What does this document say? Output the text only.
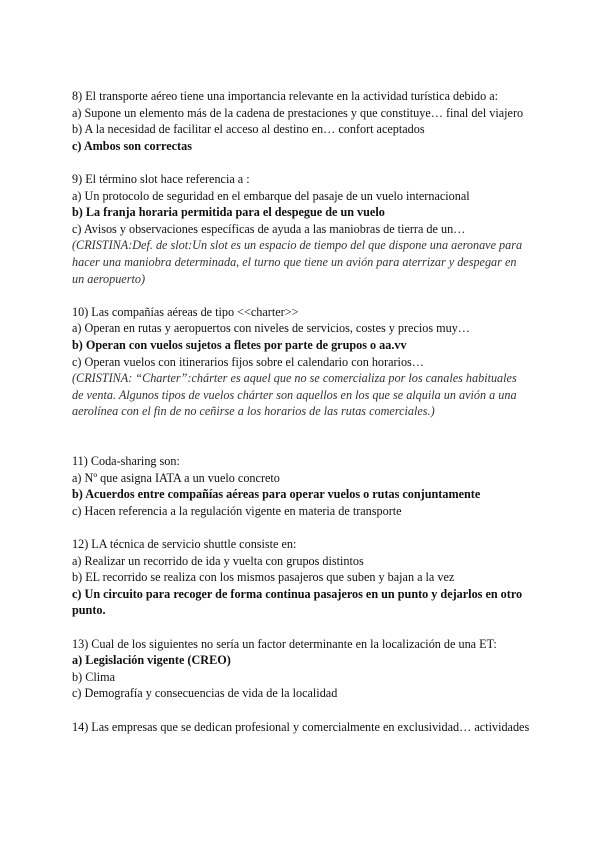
8) El transporte aéreo tiene una importancia relevante en la actividad turística debido a:
a) Supone un elemento más de la cadena de prestaciones y que constituye… final del viajero
b) A la necesidad de facilitar el acceso al destino en… confort aceptados
c) Ambos son correctas
9) El término slot hace referencia a :
a) Un protocolo de seguridad en el embarque del pasaje de un vuelo internacional
b) La franja horaria permitida para el despegue de un vuelo
c) Avisos y observaciones específicas de ayuda a las maniobras de tierra de un…
(CRISTINA:Def. de slot:Un slot es un espacio de tiempo del que dispone una aeronave para hacer una maniobra determinada, el turno que tiene un avión para aterrizar y despegar en un aeropuerto)
10) Las compañías aéreas de tipo <<charter>>
a) Operan en rutas y aeropuertos con niveles de servicios, costes y precios muy…
b) Operan con vuelos sujetos a fletes por parte de grupos o aa.vv
c) Operan vuelos con itinerarios fijos sobre el calendario con horarios…
(CRISTINA: “Charter”:chárter es aquel que no se comercializa por los canales habituales de venta. Algunos tipos de vuelos chárter son aquellos en los que se alquila un avión a una aerolínea con el fin de no ceñirse a los horarios de las rutas comerciales.)
11) Coda-sharing son:
a) Nº que asigna IATA a un vuelo concreto
b) Acuerdos entre compañías aéreas para operar vuelos o rutas conjuntamente
c) Hacen referencia a la regulación vigente en materia de transporte
12) LA técnica de servicio shuttle consiste en:
a) Realizar un recorrido de ida y vuelta con grupos distintos
b) EL recorrido se realiza con los mismos pasajeros que suben y bajan a la vez
c) Un circuito para recoger de forma continua pasajeros en un punto y dejarlos en otro punto.
13) Cual de los siguientes no sería un factor determinante en la localización de una ET:
a) Legislación vigente (CREO)
b) Clima
c) Demografía y consecuencias de vida de la localidad
14) Las empresas que se dedican profesional y comercialmente en exclusividad… actividades
